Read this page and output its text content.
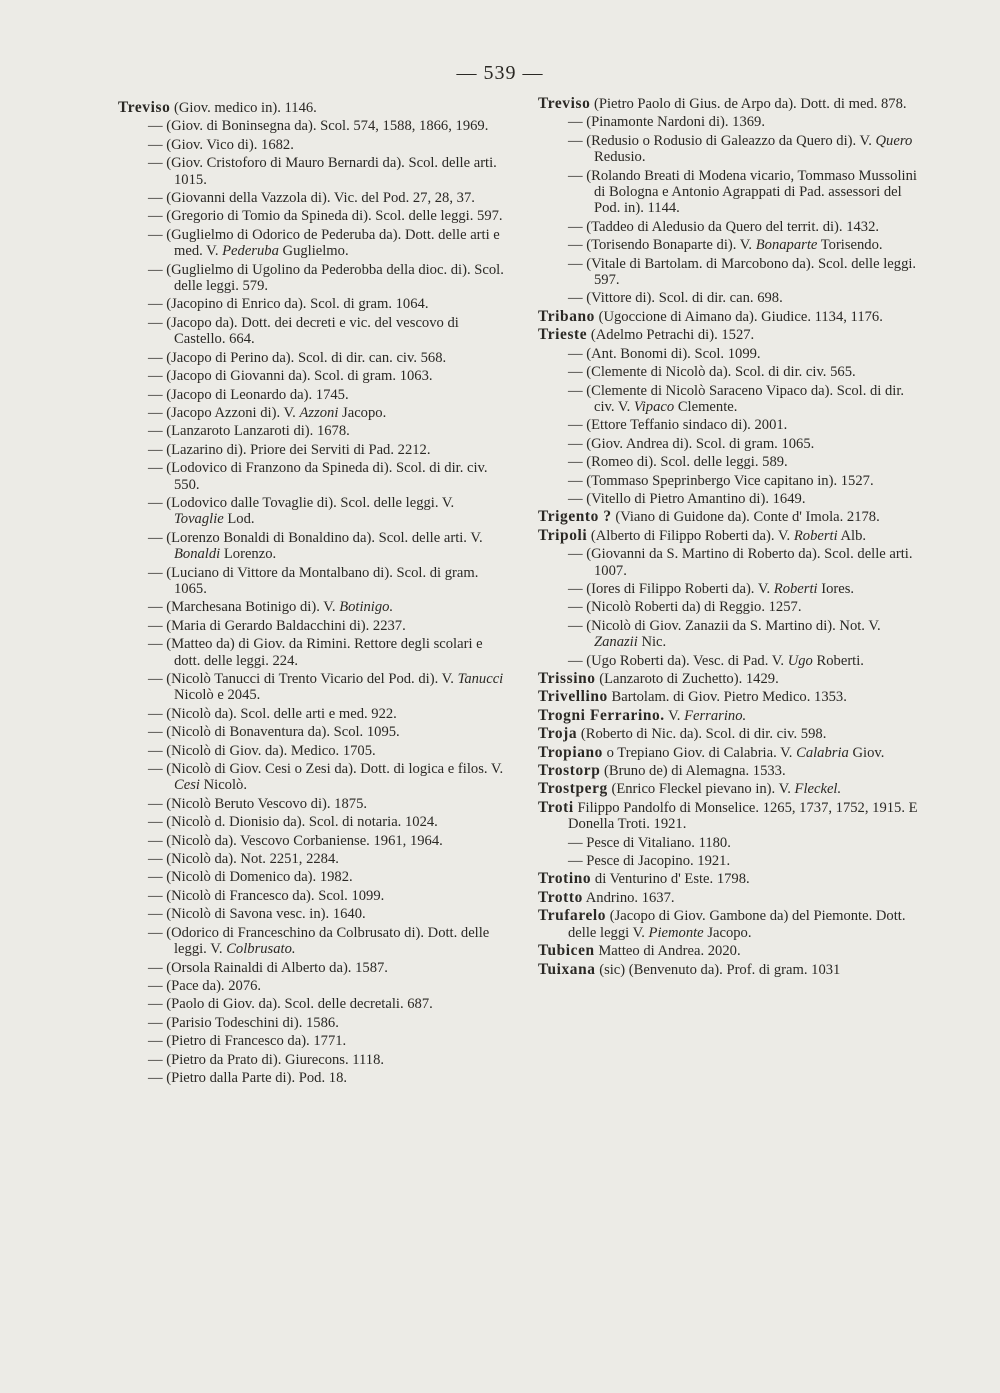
— 539 —
Treviso (Giov. medico in). 1146.
— (Giov. di Boninsegna da). Scol. 574, 1588, 1866, 1969.
— (Giov. Vico di). 1682.
— (Giov. Cristoforo di Mauro Bernardi da). Scol. delle arti. 1015.
— (Giovanni della Vazzola di). Vic. del Pod. 27, 28, 37.
— (Gregorio di Tomio da Spineda di). Scol. delle leggi. 597.
— (Guglielmo di Odorico de Pederuba da). Dott. delle arti e med. V. Pederuba Guglielmo.
— (Guglielmo di Ugolino da Pederobba della dioc. di). Scol. delle leggi. 579.
— (Jacopino di Enrico da). Scol. di gram. 1064.
— (Jacopo da). Dott. dei decreti e vic. del vescovo di Castello. 664.
— (Jacopo di Perino da). Scol. di dir. can. civ. 568.
— (Jacopo di Giovanni da). Scol. di gram. 1063.
— (Jacopo di Leonardo da). 1745.
— (Jacopo Azzoni di). V. Azzoni Jacopo.
— (Lanzaroto Lanzaroti di). 1678.
— (Lazarino di). Priore dei Serviti di Pad. 2212.
— (Lodovico di Franzono da Spineda di). Scol. di dir. civ. 550.
— (Lodovico dalle Tovaglie di). Scol. delle leggi. V. Tovaglie Lod.
— (Lorenzo Bonaldi di Bonaldino da). Scol. delle arti. V. Bonaldi Lorenzo.
— (Luciano di Vittore da Montalbano di). Scol. di gram. 1065.
— (Marchesana Botinigo di). V. Botinigo.
— (Maria di Gerardo Baldacchini di). 2237.
— (Matteo da) di Giov. da Rimini. Rettore degli scolari e dott. delle leggi. 224.
— (Nicolò Tanucci di Trento Vicario del Pod. di). V. Tanucci Nicolò e 2045.
— (Nicolò da). Scol. delle arti e med. 922.
— (Nicolò di Bonaventura da). Scol. 1095.
— (Nicolò di Giov. da). Medico. 1705.
— (Nicolò di Giov. Cesi o Zesi da). Dott. di logica e filos. V. Cesi Nicolò.
— (Nicolò Beruto Vescovo di). 1875.
— (Nicolò d. Dionisio da). Scol. di notaria. 1024.
— (Nicolò da). Vescovo Corbaniense. 1961, 1964.
— (Nicolò da). Not. 2251, 2284.
— (Nicolò di Domenico da). 1982.
— (Nicolò di Francesco da). Scol. 1099.
— (Nicolò di Savona vesc. in). 1640.
— (Odorico di Franceschino da Colbrusato di). Dott. delle leggi. V. Colbrusato.
— (Orsola Rainaldi di Alberto da). 1587.
— (Pace da). 2076.
— (Paolo di Giov. da). Scol. delle decretali. 687.
— (Parisio Todeschini di). 1586.
— (Pietro di Francesco da). 1771.
— (Pietro da Prato di). Giurecons. 1118.
— (Pietro dalla Parte di). Pod. 18.
Treviso (Pietro Paolo di Gius. de Arpo da). Dott. di med. 878.
— (Pinamonte Nardoni di). 1369.
— (Redusio o Rodusio di Galeazzo da Quero di). V. Quero Redusio.
— (Rolando Breati di Modena vicario, Tommaso Mussolini di Bologna e Antonio Agrappati di Pad. assessori del Pod. in). 1144.
— (Taddeo di Aledusio da Quero del territ. di). 1432.
— (Torisendo Bonaparte di). V. Bonaparte Torisendo.
— (Vitale di Bartolam. di Marcobono da). Scol. delle leggi. 597.
— (Vittore di). Scol. di dir. can. 698.
Tribano (Ugoccione di Aimano da). Giudice. 1134, 1176.
Trieste (Adelmo Petrachi di). 1527.
— (Ant. Bonomi di). Scol. 1099.
— (Clemente di Nicolò da). Scol. di dir. civ. 565.
— (Clemente di Nicolò Saraceno Vipaco da). Scol. di dir. civ. V. Vipaco Clemente.
— (Ettore Teffanio sindaco di). 2001.
— (Giov. Andrea di). Scol. di gram. 1065.
— (Romeo di). Scol. delle leggi. 589.
— (Tommaso Speprinbergo Vice capitano in). 1527.
— (Vitello di Pietro Amantino di). 1649.
Trigento ? (Viano di Guidone da). Conte d' Imola. 2178.
Tripoli (Alberto di Filippo Roberti da). V. Roberti Alb.
— (Giovanni da S. Martino di Roberto da). Scol. delle arti. 1007.
— (Iores di Filippo Roberti da). V. Roberti Iores.
— (Nicolò Roberti da) di Reggio. 1257.
— (Nicolò di Giov. Zanazii da S. Martino di). Not. V. Zanazii Nic.
— (Ugo Roberti da). Vesc. di Pad. V. Ugo Roberti.
Trissino (Lanzaroto di Zuchetto). 1429.
Trivellino Bartolam. di Giov. Pietro Medico. 1353.
Trogni Ferrarino. V. Ferrarino.
Troja (Roberto di Nic. da). Scol. di dir. civ. 598.
Tropiano o Trepiano Giov. di Calabria. V. Calabria Giov.
Trostorp (Bruno de) di Alemagna. 1533.
Trostperg (Enrico Fleckel pievano in). V. Fleckel.
Troti Filippo Pandolfo di Monselice. 1265, 1737, 1752, 1915. E Donella Troti. 1921.
— Pesce di Vitaliano. 1180.
— Pesce di Jacopino. 1921.
Trotino di Venturino d' Este. 1798.
Trotto Andrino. 1637.
Trufarelo (Jacopo di Giov. Gambone da) del Piemonte. Dott. delle leggi V. Piemonte Jacopo.
Tubicen Matteo di Andrea. 2020.
Tuixana (sic) (Benvenuto da). Prof. di gram. 1031
